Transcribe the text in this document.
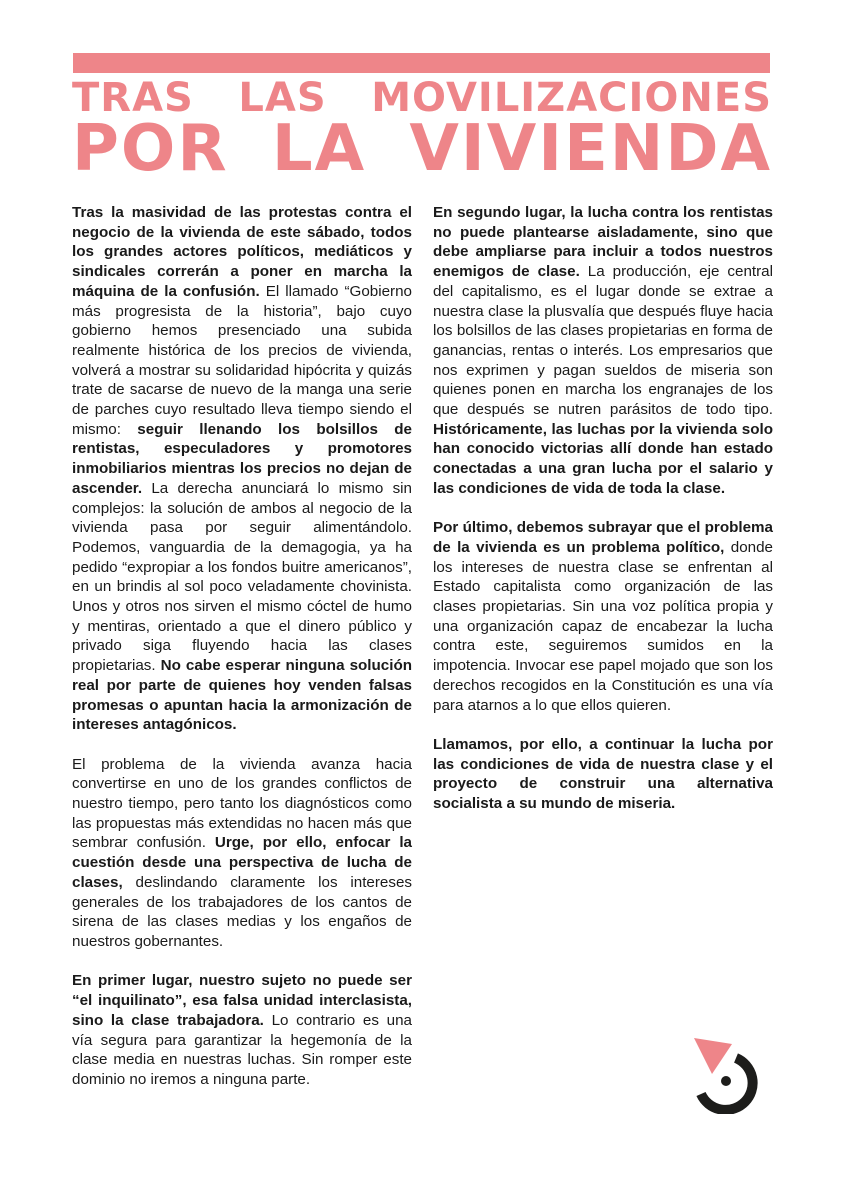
TRAS LAS MOVILIZACIONES
POR LA VIVIENDA

Tras la masividad de las protestas contra el negocio de la vivienda de este sábado, todos los grandes actores políticos, mediáticos y sindicales correrán a poner en marcha la máquina de la confusión. El llamado “Gobierno más progresista de la historia”, bajo cuyo gobierno hemos presenciado una subida realmente histórica de los precios de vivienda, volverá a mostrar su solidaridad hipócrita y quizás trate de sacarse de nuevo de la manga una serie de parches cuyo resultado lleva tiempo siendo el mismo: seguir llenando los bolsillos de rentistas, especuladores y promotores inmobiliarios mientras los precios no dejan de ascender. La derecha anunciará lo mismo sin complejos: la solución de ambos al negocio de la vivienda pasa por seguir alimentándolo. Podemos, vanguardia de la demagogia, ya ha pedido “expropiar a los fondos buitre americanos”, en un brindis al sol poco veladamente chovinista. Unos y otros nos sirven el mismo cóctel de humo y mentiras, orientado a que el dinero público y privado siga fluyendo hacia las clases propietarias. No cabe esperar ninguna solución real por parte de quienes hoy venden falsas promesas o apuntan hacia la armonización de intereses antagónicos.

El problema de la vivienda avanza hacia convertirse en uno de los grandes conflictos de nuestro tiempo, pero tanto los diagnósticos como las propuestas más extendidas no hacen más que sembrar confusión. Urge, por ello, enfocar la cuestión desde una perspectiva de lucha de clases, deslindando claramente los intereses generales de los trabajadores de los cantos de sirena de las clases medias y los engaños de nuestros gobernantes.

En primer lugar, nuestro sujeto no puede ser “el inquilinato”, esa falsa unidad interclasista, sino la clase trabajadora. Lo contrario es una vía segura para garantizar la hegemonía de la clase media en nuestras luchas. Sin romper este dominio no iremos a ninguna parte.

En segundo lugar, la lucha contra los rentistas no puede plantearse aisladamente, sino que debe ampliarse para incluir a todos nuestros enemigos de clase. La producción, eje central del capitalismo, es el lugar donde se extrae a nuestra clase la plusvalía que después fluye hacia los bolsillos de las clases propietarias en forma de ganancias, rentas o interés. Los empresarios que nos exprimen y pagan sueldos de miseria son quienes ponen en marcha los engranajes de los que después se nutren parásitos de todo tipo. Históricamente, las luchas por la vivienda solo han conocido victorias allí donde han estado conectadas a una gran lucha por el salario y las condiciones de vida de toda la clase.

Por último, debemos subrayar que el problema de la vivienda es un problema político, donde los intereses de nuestra clase se enfrentan al Estado capitalista como organización de las clases propietarias. Sin una voz política propia y una organización capaz de encabezar la lucha contra este, seguiremos sumidos en la impotencia. Invocar ese papel mojado que son los derechos recogidos en la Constitución es una vía para atarnos a lo que ellos quieren.

Llamamos, por ello, a continuar la lucha por las condiciones de vida de nuestra clase y el proyecto de construir una alternativa socialista a su mundo de miseria.
